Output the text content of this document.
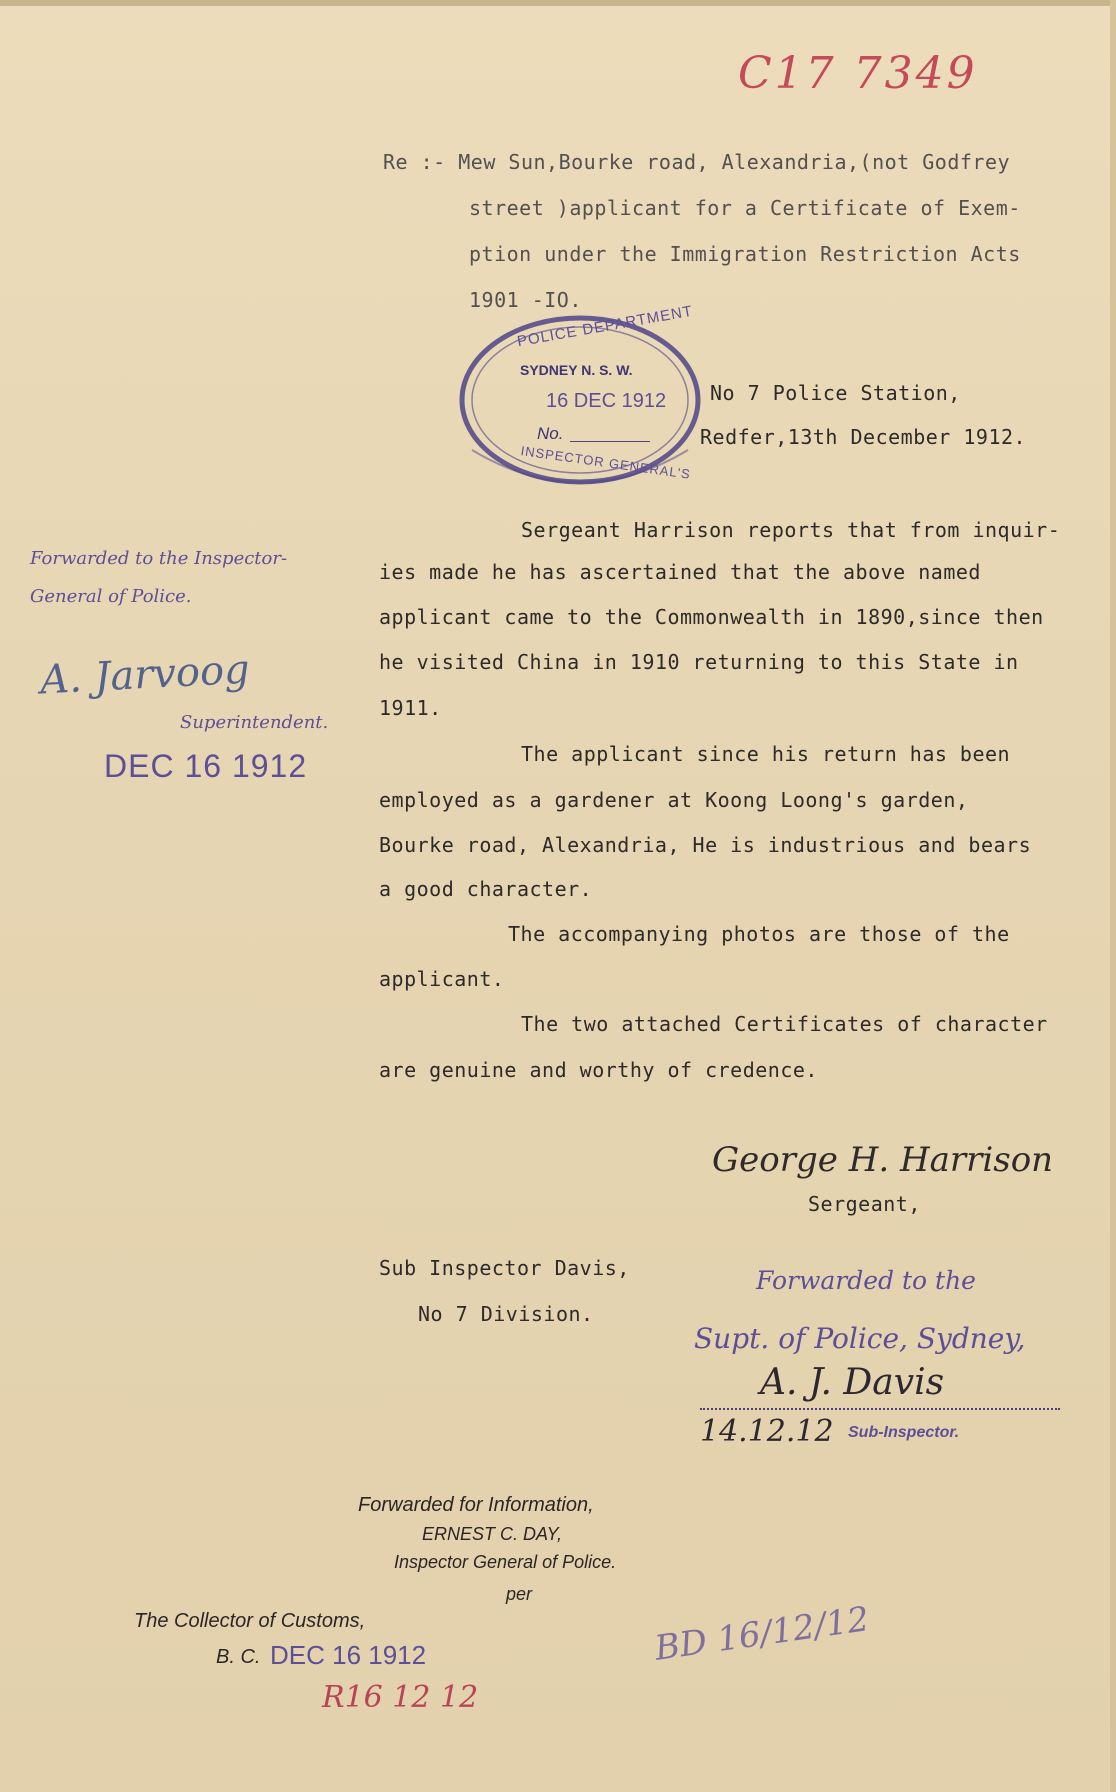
C17 7349
Re :- Mew Sun,Bourke road, Alexandria,(not Godfrey
street )applicant for a Certificate of Exem-
ption under the Immigration Restriction Acts
1901 -IO.
POLICE DEPARTMENT
SYDNEY N. S. W.
16 DEC 1912
No.
INSPECTOR GENERAL'S
No 7 Police Station,
Redfer,13th December 1912.
Sergeant Harrison reports that from inquir-
ies made he has ascertained that the above named
applicant came to the Commonwealth in 1890,since then
he visited China in 1910 returning to this State in
1911.
The applicant since his return has been
employed as a gardener at Koong Loong's garden,
Bourke road, Alexandria, He is industrious and bears
a good character.
The accompanying photos are those of the
applicant.
The two attached Certificates of character
are genuine and worthy of credence.
Forwarded to the Inspector-
General of Police.
A. Jarvoog
Superintendent.
DEC 16 1912
George H. Harrison
Sergeant,
Sub Inspector Davis,
No 7 Division.
Forwarded to the
Supt. of Police, Sydney,
A. J. Davis
14.12.12 Sub-Inspector.
Forwarded for Information,
ERNEST C. DAY,
Inspector General of Police.
per
The Collector of Customs,
B. C. DEC 16 1912
R16 12 12
BD 16/12/12
